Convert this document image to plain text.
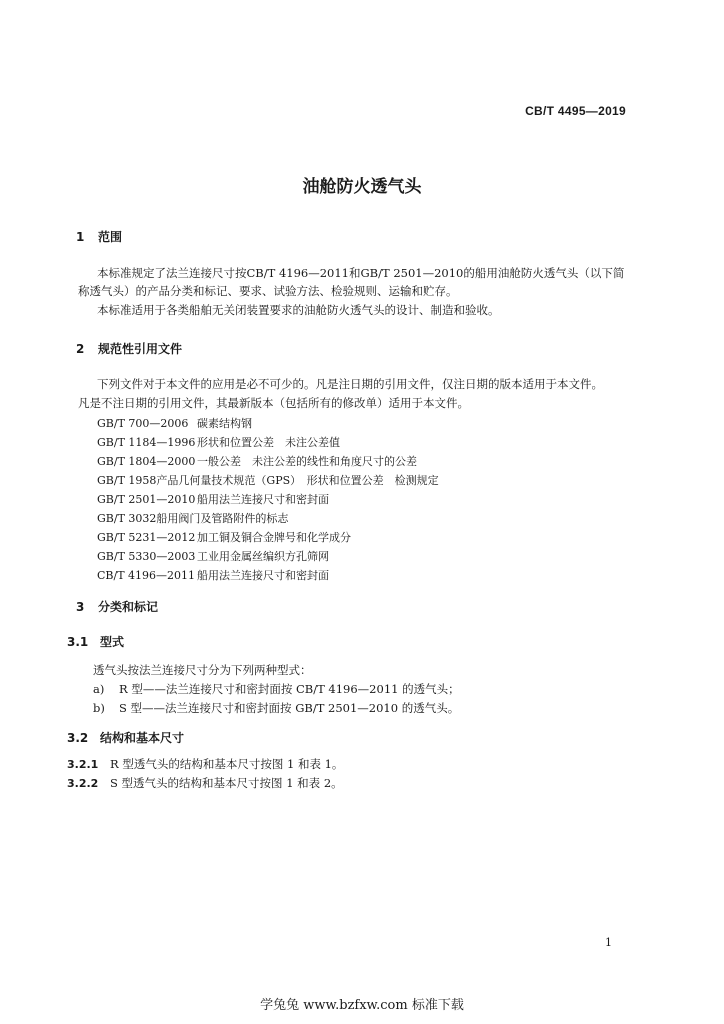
CB/T 4495—2019
油舱防火透气头
1 范围
本标准规定了法兰连接尺寸按CB/T 4196—2011和GB/T 2501—2010的船用油舱防火透气头（以下简
称透气头）的产品分类和标记、要求、试验方法、检验规则、运输和贮存。
本标准适用于各类船舶无关闭装置要求的油舱防火透气头的设计、制造和验收。
2 规范性引用文件
下列文件对于本文件的应用是必不可少的。凡是注日期的引用文件，仅注日期的版本适用于本文件。
凡是不注日期的引用文件，其最新版本（包括所有的修改单）适用于本文件。
GB/T 700—2006 碳素结构钢
GB/T 1184—1996 形状和位置公差　未注公差值
GB/T 1804—2000 一般公差　未注公差的线性和角度尺寸的公差
GB/T 1958产品几何量技术规范（GPS）　形状和位置公差　检测规定
GB/T 2501—2010 船用法兰连接尺寸和密封面
GB/T 3032船用阀门及管路附件的标志
GB/T 5231—2012 加工铜及铜合金牌号和化学成分
GB/T 5330—2003 工业用金属丝编织方孔筛网
CB/T 4196—2011 船用法兰连接尺寸和密封面
3 分类和标记
3.1 型式
透气头按法兰连接尺寸分为下列两种型式：
a) R 型——法兰连接尺寸和密封面按 CB/T 4196—2011 的透气头；
b) S 型——法兰连接尺寸和密封面按 GB/T 2501—2010 的透气头。
3.2 结构和基本尺寸
3.2.1 R 型透气头的结构和基本尺寸按图 1 和表 1。
3.2.2 S 型透气头的结构和基本尺寸按图 1 和表 2。
1
学兔兔 www.bzfxw.com 标准下载
